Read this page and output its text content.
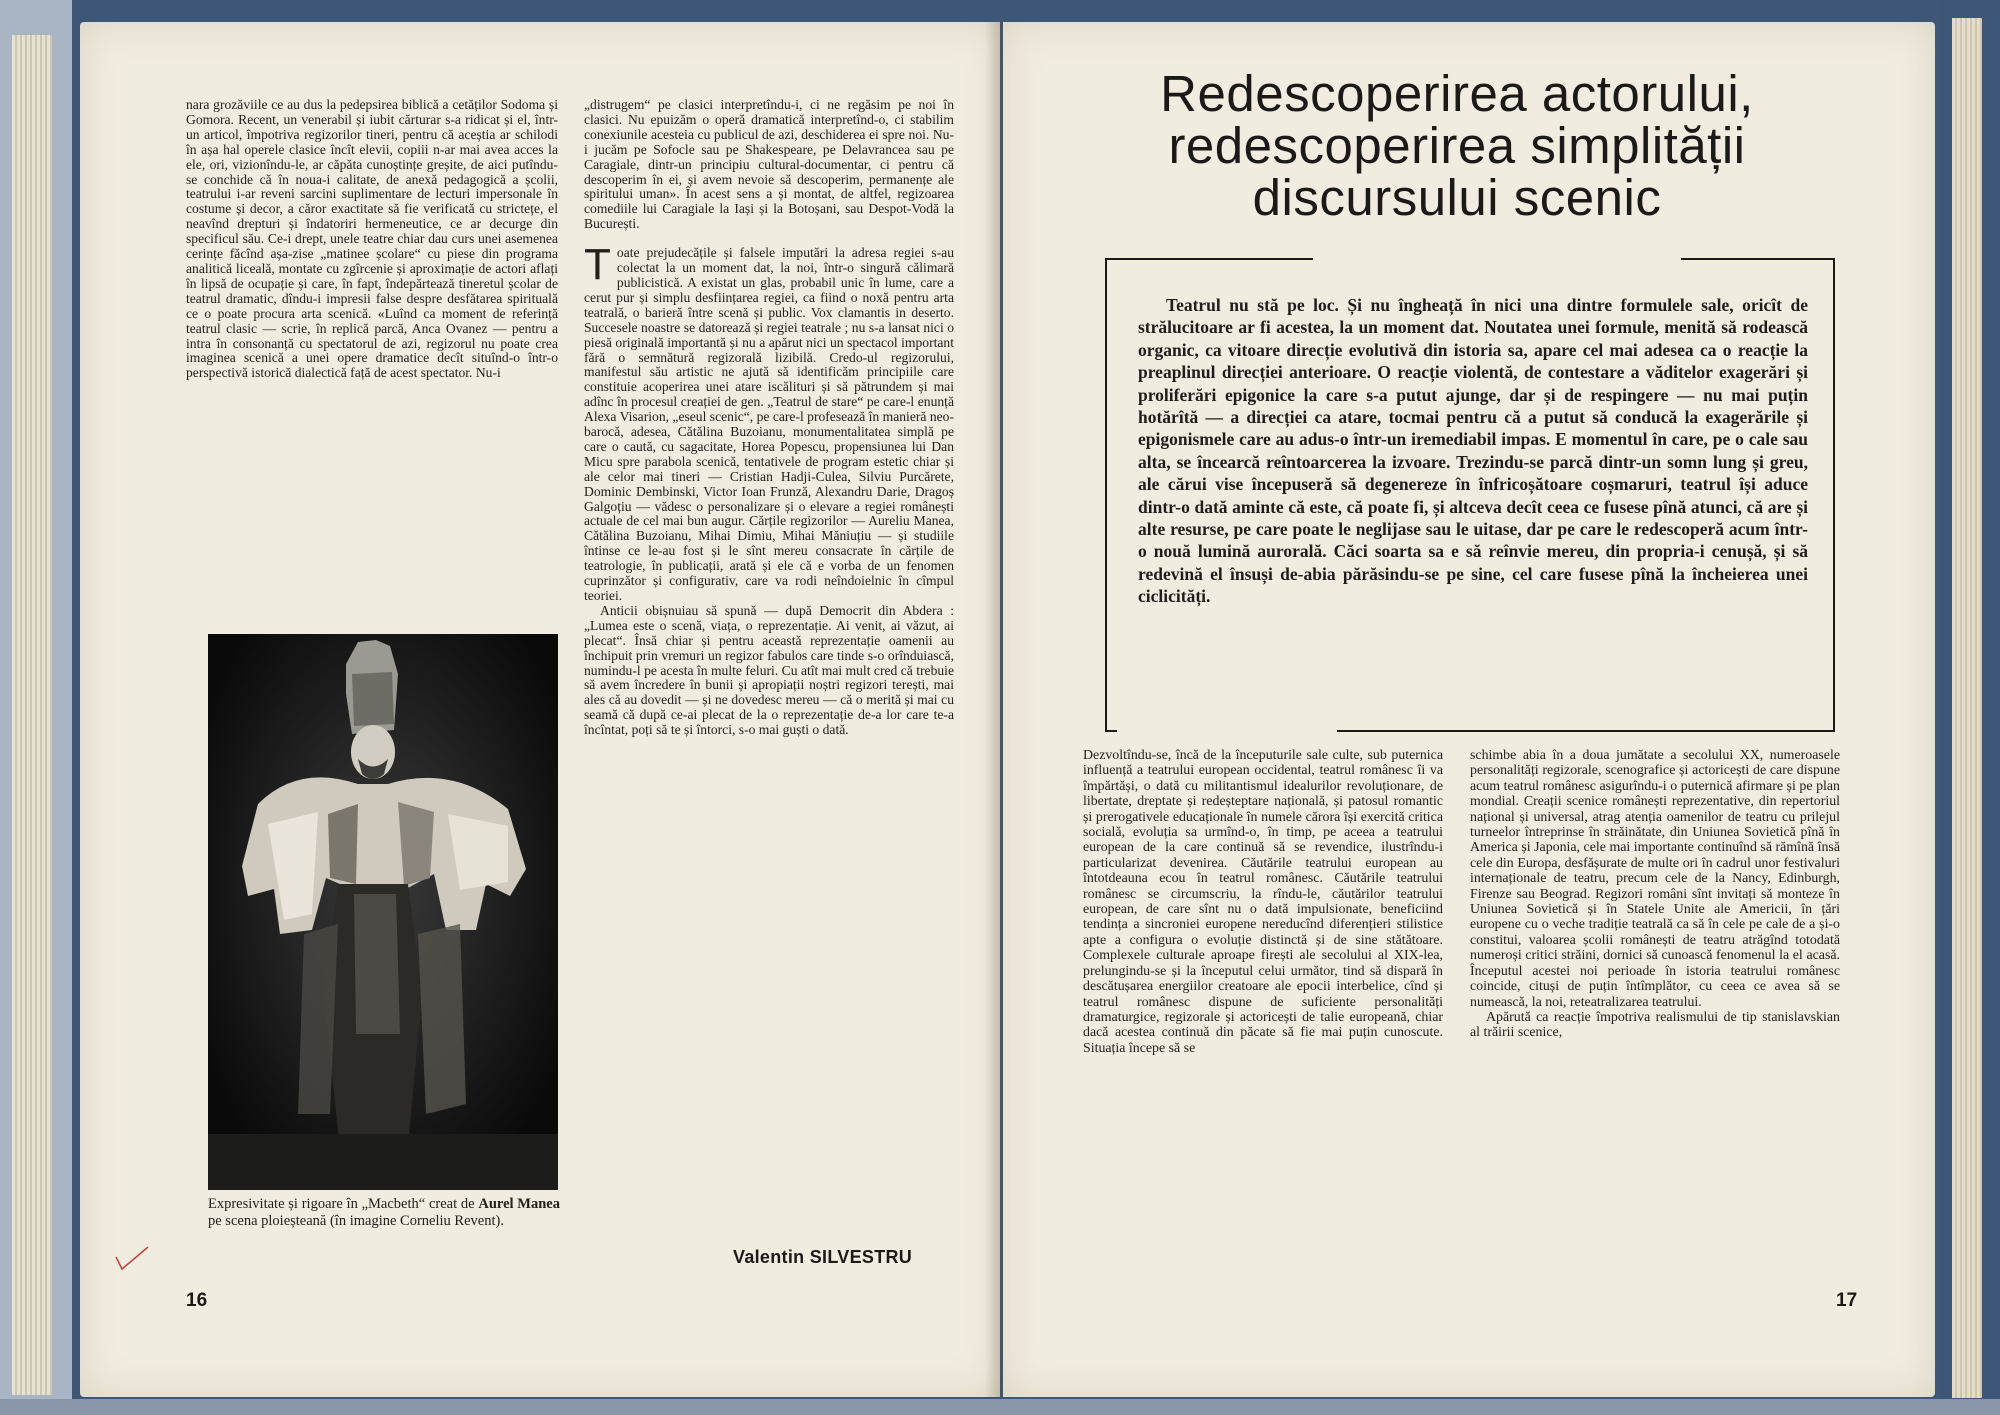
nara grozăviile ce au dus la pedepsirea biblică a cetăților Sodoma și Gomora. Recent, un venerabil și iubit cărturar s-a ridicat și el, într-un articol, împotriva regizorilor tineri, pentru că aceștia ar schilodi în așa hal operele clasice încît elevii, copiii n-ar mai avea acces la ele, ori, vizionîndu-le, ar căpăta cunoștințe greșite, de aici putîndu-se conchide că în noua-i calitate, de anexă pedagogică a școlii, teatrului i-ar reveni sarcini suplimentare de lecturi impersonale în costume și decor, a căror exactitate să fie verificată cu strictețe, el neavînd drepturi și îndatoriri hermeneutice, ce ar decurge din specificul său. Ce-i drept, unele teatre chiar dau curs unei asemenea cerințe făcînd așa-zise „matinee școlare“ cu piese din programa analitică liceală, montate cu zgîrcenie și aproximație de actori aflați în lipsă de ocupație și care, în fapt, îndepărtează tineretul școlar de teatrul dramatic, dîndu-i impresii false despre desfătarea spirituală ce o poate procura arta scenică. «Luînd ca moment de referință teatrul clasic — scrie, în replică parcă, Anca Ovanez — pentru a intra în consonanță cu spectatorul de azi, regizorul nu poate crea imaginea scenică a unei opere dramatice decît situînd-o într-o perspectivă istorică dialectică față de acest spectator. Nu-i

„distrugem“ pe clasici interpretîndu-i, ci ne regăsim pe noi în clasici. Nu epuizăm o operă dramatică interpretînd-o, ci stabilim conexiunile acesteia cu publicul de azi, deschiderea ei spre noi. Nu-i jucăm pe Sofocle sau pe Shakespeare, pe Delavrancea sau pe Caragiale, dintr-un principiu cultural-documentar, ci pentru că descoperim în ei, și avem nevoie să descoperim, permanențe ale spiritului uman». În acest sens a și montat, de altfel, regizoarea comediile lui Caragiale la Iași și la Botoșani, sau Despot-Vodă la București.

Toate prejudecățile și falsele imputări la adresa regiei s-au colectat la un moment dat, la noi, într-o singură călimară publicistică. A existat un glas, probabil unic în lume, care a cerut pur și simplu desființarea regiei, ca fiind o noxă pentru arta teatrală, o barieră între scenă și public. Vox clamantis in deserto. Succesele noastre se datorează și regiei teatrale ; nu s-a lansat nici o piesă originală importantă și nu a apărut nici un spectacol important fără o semnătură regizorală lizibilă. Credo-ul regizorului, manifestul său artistic ne ajută să identificăm principiile care constituie acoperirea unei atare iscălituri și să pătrundem și mai adînc în procesul creației de gen. „Teatrul de stare“ pe care-l enunță Alexa Visarion, „eseul scenic“, pe care-l profesează în manieră neo-barocă, adesea, Cătălina Buzoianu, monumentalitatea simplă pe care o caută, cu sagacitate, Horea Popescu, propensiunea lui Dan Micu spre parabola scenică, tentativele de program estetic chiar și ale celor mai tineri — Cristian Hadji-Culea, Silviu Purcărete, Dominic Dembinski, Victor Ioan Frunză, Alexandru Darie, Dragoș Galgoțiu — vădesc o personalizare și o elevare a regiei românești actuale de cel mai bun augur. Cărțile regizorilor — Aureliu Manea, Cătălina Buzoianu, Mihai Dimiu, Mihai Măniuțiu — și studiile întinse ce le-au fost și le sînt mereu consacrate în cărțile de teatrologie, în publicații, arată și ele că e vorba de un fenomen cuprinzător și configurativ, care va rodi neîndoielnic în cîmpul teoriei.

Anticii obișnuiau să spună — după Democrit din Abdera : „Lumea este o scenă, viața, o reprezentație. Ai venit, ai văzut, ai plecat“. Însă chiar și pentru această reprezentație oamenii au închipuit prin vremuri un regizor fabulos care tinde s-o orînduiască, numindu-l pe acesta în multe feluri. Cu atît mai mult cred că trebuie să avem încredere în bunii și apropiații noștri regizori terești, mai ales că au dovedit — și ne dovedesc mereu — că o merită și mai cu seamă că după ce-ai plecat de la o reprezentație de-a lor care te-a încîntat, poți să te și întorci, s-o mai guști o dată.

Expresivitate și rigoare în „Macbeth“ creat de Aurel Manea pe scena ploieșteană (în imagine Corneliu Revent).
Valentin SILVESTRU
16
Redescoperirea actorului,
redescoperirea simplității
discursului scenic
Teatrul nu stă pe loc. Și nu îngheață în nici una dintre formulele sale, oricît de strălucitoare ar fi acestea, la un moment dat. Noutatea unei formule, menită să rodească organic, ca vitoare direcție evolutivă din istoria sa, apare cel mai adesea ca o reacție la preaplinul direcției anterioare. O reacție violentă, de contestare a văditelor exagerări și proliferări epigonice la care s-a putut ajunge, dar și de respingere — nu mai puțin hotărîtă — a direcției ca atare, tocmai pentru că a putut să conducă la exagerările și epigonismele care au adus-o într-un iremediabil impas. E momentul în care, pe o cale sau alta, se încearcă reîntoarcerea la izvoare. Trezindu-se parcă dintr-un somn lung și greu, ale cărui vise începuseră să degenereze în înfricoșătoare coșmaruri, teatrul își aduce dintr-o dată aminte că este, că poate fi, și altceva decît ceea ce fusese pînă atunci, că are și alte resurse, pe care poate le neglijase sau le uitase, dar pe care le redescoperă acum într-o nouă lumină aurorală. Căci soarta sa e să reînvie mereu, din propria-i cenușă, și să redevină el însuși de-abia părăsindu-se pe sine, cel care fusese pînă la încheierea unei ciclicități.

Dezvoltîndu-se, încă de la începuturile sale culte, sub puternica influență a teatrului european occidental, teatrul românesc îi va împărtăși, o dată cu militantismul idealurilor revoluționare, de libertate, dreptate și redeșteptare națională, și patosul romantic și prerogativele educaționale în numele cărora își exercită critica socială, evoluția sa urmînd-o, în timp, pe aceea a teatrului european de la care continuă să se revendice, ilustrîndu-i particularizat devenirea. Căutările teatrului european au întotdeauna ecou în teatrul românesc. Căutările teatrului românesc se circumscriu, la rîndu-le, căutărilor teatrului european, de care sînt nu o dată impulsionate, beneficiind tendința a sincroniei europene nereducînd diferențieri stilistice apte a configura o evoluție distinctă și de sine stătătoare. Complexele culturale aproape firești ale secolului al XIX-lea, prelungindu-se și la începutul celui următor, tind să dispară în descătușarea energiilor creatoare ale epocii interbelice, cînd și teatrul românesc dispune de suficiente personalități dramaturgice, regizorale și actoricești de talie europeană, chiar dacă acestea continuă din păcate să fie mai puțin cunoscute. Situația începe să se

schimbe abia în a doua jumătate a secolului XX, numeroasele personalități regizorale, scenografice și actoricești de care dispune acum teatrul românesc asigurîndu-i o puternică afirmare și pe plan mondial. Creații scenice românești reprezentative, din repertoriul național și universal, atrag atenția oamenilor de teatru cu prilejul turneelor întreprinse în străinătate, din Uniunea Sovietică pînă în America și Japonia, cele mai importante continuînd să rămînă însă cele din Europa, desfășurate de multe ori în cadrul unor festivaluri internaționale de teatru, precum cele de la Nancy, Edinburgh, Firenze sau Beograd. Regizori români sînt invitați să monteze în Uniunea Sovietică și în Statele Unite ale Americii, în țări europene cu o veche tradiție teatrală ca să în cele pe cale de a și-o constitui, valoarea școlii românești de teatru atrăgînd totodată numeroși critici străini, dornici să cunoască fenomenul la el acasă. Începutul acestei noi perioade în istoria teatrului românesc coincide, cituși de puțin întîmplător, cu ceea ce avea să se numească, la noi, reteatralizarea teatrului.

Apărută ca reacție împotriva realismului de tip stanislavskian al trăirii scenice,

17
